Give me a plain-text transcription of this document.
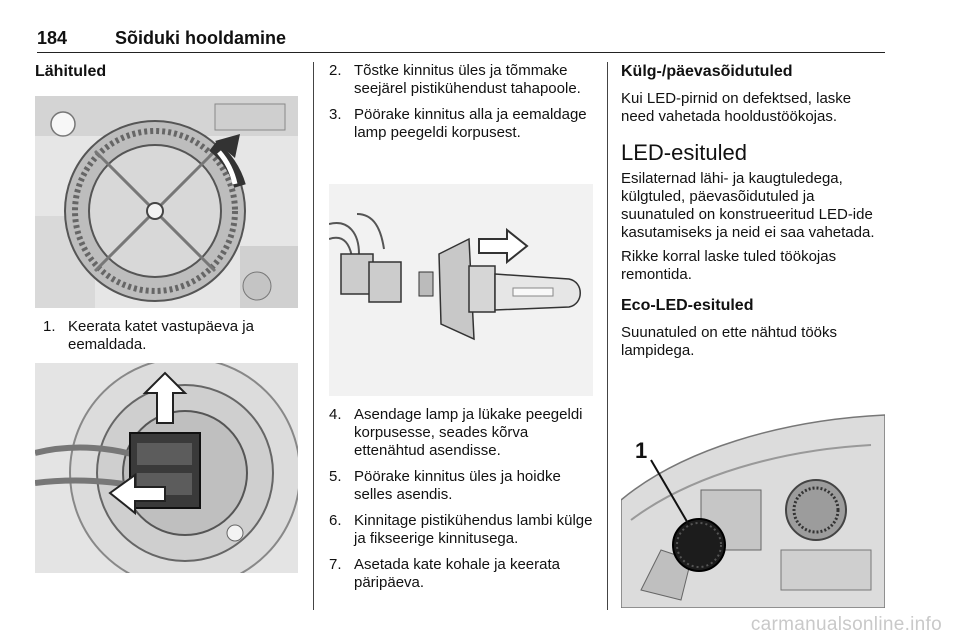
184	Sõiduki hooldamine
Lähituled
1. Keerata katet vastupäeva ja eemaldada.
2. Tõstke kinnitus üles ja tõmmake seejärel pistikühendust tahapoole.
3. Pöörake kinnitus alla ja eemaldage lamp peegeldi korpusest.
4. Asendage lamp ja lükake peegeldi korpusesse, seades kõrva ettenähtud asendisse.
5. Pöörake kinnitus üles ja hoidke selles asendis.
6. Kinnitage pistikühendus lambi külge ja fikseerige kinnitusega.
7. Asetada kate kohale ja keerata päripäeva.
Külg-/päevasõidutuled

Kui LED-pirnid on defektsed, laske need vahetada hooldustöökojas.

LED-esituled

Esilaternad lähi- ja kaugtuledega, külgtuled, päevasõidutuled ja suunatuled on konstrueeritud LED-ide kasutamiseks ja neid ei saa vahetada.

Rikke korral laske tuled töökojas remontida.

Eco-LED-esituled

Suunatuled on ette nähtud tööks lampidega.

1
carmanualsonline.info
